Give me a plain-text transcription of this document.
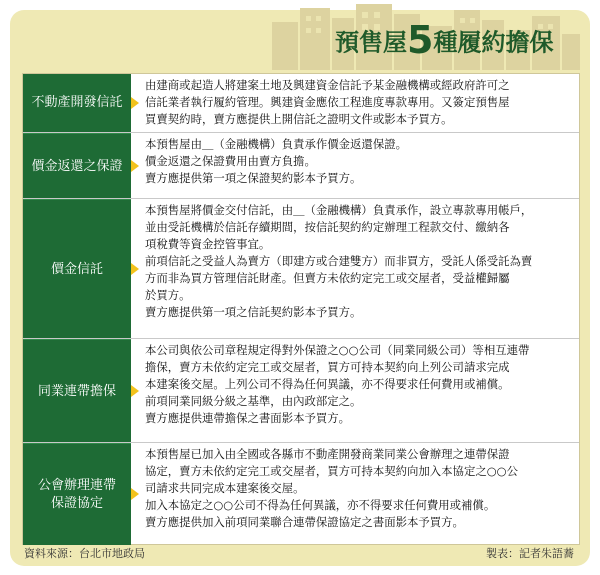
預售屋5種履約擔保
不動產開發信託
由建商或起造人將建案土地及興建資金信託予某金融機構或經政府許可之
信託業者執行履約管理。興建資金應依工程進度專款專用。又簽定預售屋
買賣契約時，賣方應提供上開信託之證明文件或影本予買方。
價金返還之保證
本預售屋由＿（金融機構）負責承作價金返還保證。
價金返還之保證費用由賣方負擔。
賣方應提供第一項之保證契約影本予買方。
價金信託
本預售屋將價金交付信託，由＿（金融機構）負責承作，設立專款專用帳戶，
並由受託機構於信託存續期間，按信託契約約定辦理工程款交付、繳納各
項稅費等資金控管事宜。
前項信託之受益人為賣方（即建方或合建雙方）而非買方，受託人係受託為賣
方而非為買方管理信託財產。但賣方未依約定完工或交屋者，受益權歸屬
於買方。
賣方應提供第一項之信託契約影本予買方。
同業連帶擔保
本公司與依公司章程規定得對外保證之○○公司（同業同級公司）等相互連帶
擔保，賣方未依約定完工或交屋者，買方可持本契約向上列公司請求完成
本建案後交屋。上列公司不得為任何異議，亦不得要求任何費用或補償。
前項同業同級分級之基準，由內政部定之。
賣方應提供連帶擔保之書面影本予買方。
公會辦理連帶
保證協定
本預售屋已加入由全國或各縣市不動產開發商業同業公會辦理之連帶保證
協定，賣方未依約定完工或交屋者，買方可持本契約向加入本協定之○○公
司請求共同完成本建案後交屋。
加入本協定之○○公司不得為任何異議，亦不得要求任何費用或補償。
賣方應提供加入前項同業聯合連帶保證協定之書面影本予買方。
資料來源：台北市地政局	製表：記者朱語蕎
